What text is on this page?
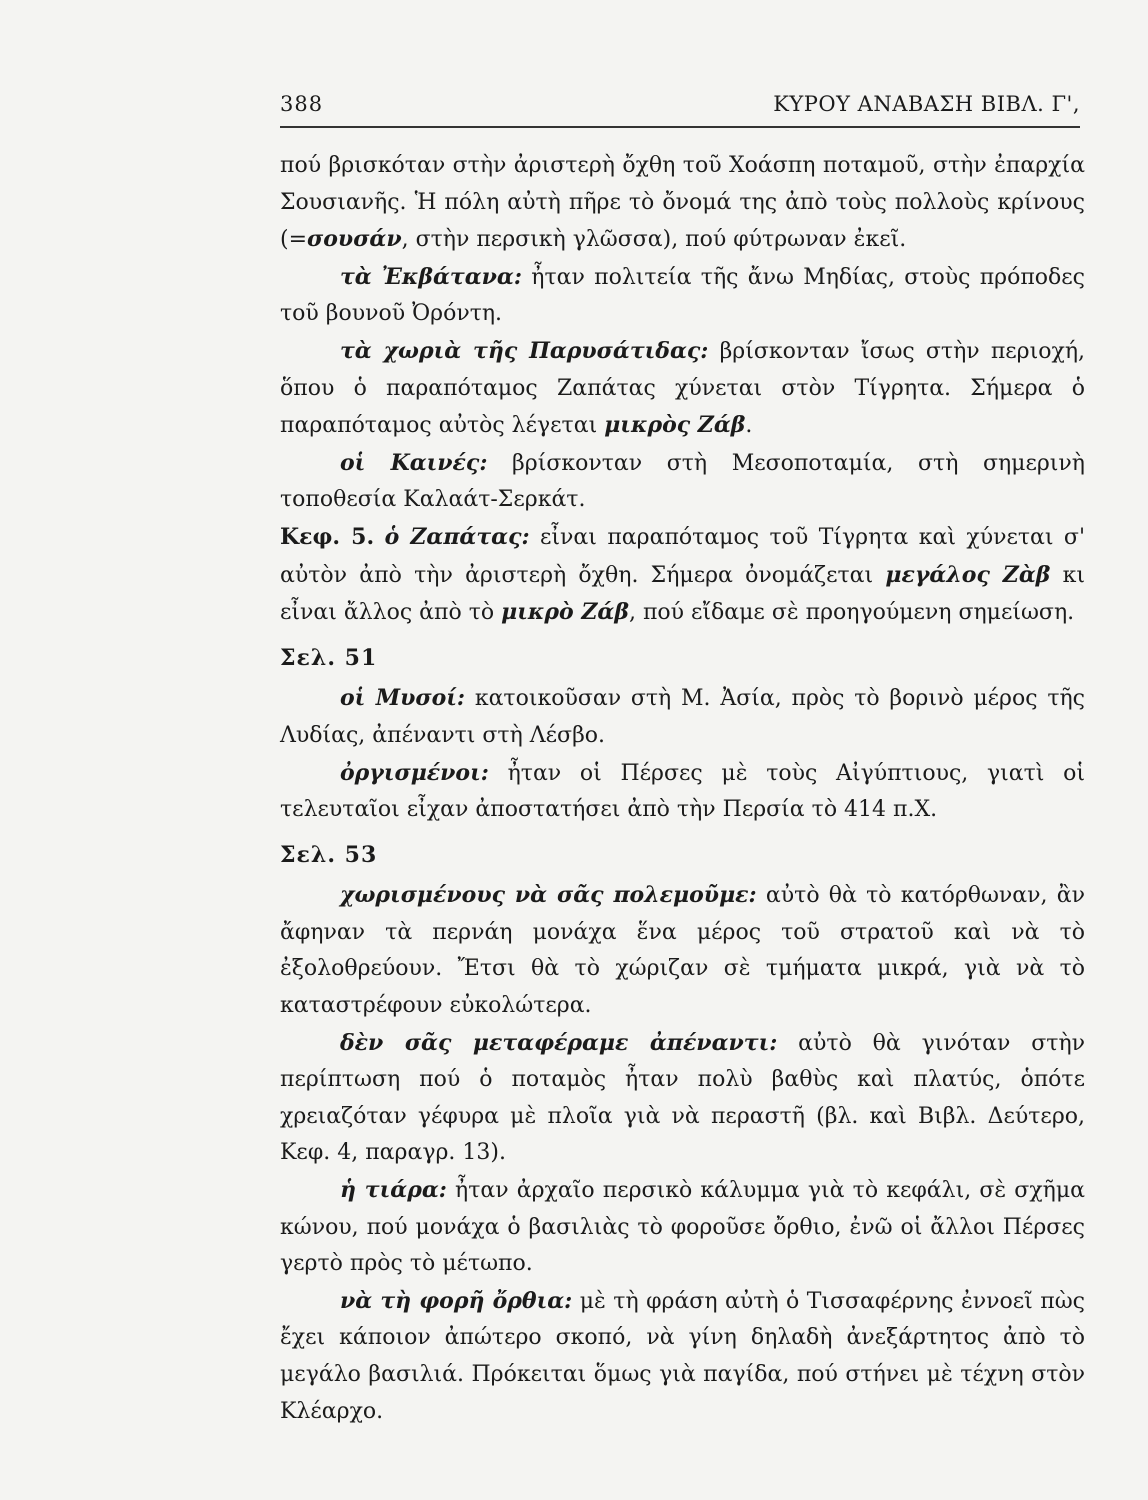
388	ΚΥΡΟΥ ΑΝΑΒΑΣΗ ΒΙΒΛ. Γ',

πού βρισκόταν στὴν ἀριστερὴ ὄχθη τοῦ Χοάσπη ποταμοῦ, στὴν ἐπαρχία Σουσιανῆς. Ἡ πόλη αὐτὴ πῆρε τὸ ὄνομά της ἀπὸ τοὺς πολλοὺς κρίνους (=σουσάν, στὴν περσικὴ γλῶσσα), πού φύτρωναν ἐκεῖ.

τὰ Ἐκβάτανα: ἦταν πολιτεία τῆς ἄνω Μηδίας, στοὺς πρόποδες τοῦ βουνοῦ Ὀρόντη.

τὰ χωριὰ τῆς Παρυσάτιδας: βρίσκονταν ἴσως στὴν περιοχή, ὅπου ὁ παραπόταμος Ζαπάτας χύνεται στὸν Τίγρητα. Σήμερα ὁ παραπόταμος αὐτὸς λέγεται μικρὸς Ζάβ.

οἱ Καινές: βρίσκονταν στὴ Μεσοποταμία, στὴ σημερινὴ τοποθεσία Καλαάτ-Σερκάτ.

Κεφ. 5. ὁ Ζαπάτας: εἶναι παραπόταμος τοῦ Τίγρητα καὶ χύνεται σ' αὐτὸν ἀπὸ τὴν ἀριστερὴ ὄχθη. Σήμερα ὀνομάζεται μεγάλος Ζὰβ κι εἶναι ἄλλος ἀπὸ τὸ μικρὸ Ζάβ, πού εἴδαμε σὲ προηγούμενη σημείωση.

Σελ. 51

οἱ Μυσοί: κατοικοῦσαν στὴ Μ. Ἀσία, πρὸς τὸ βορινὸ μέρος τῆς Λυδίας, ἀπέναντι στὴ Λέσβο.

ὀργισμένοι: ἦταν οἱ Πέρσες μὲ τοὺς Αἰγύπτιους, γιατὶ οἱ τελευταῖοι εἶχαν ἀποστατήσει ἀπὸ τὴν Περσία τὸ 414 π.Χ.

Σελ. 53

χωρισμένους νὰ σᾶς πολεμοῦμε: αὐτὸ θὰ τὸ κατόρθωναν, ἂν ἄφηναν τὰ περνάη μονάχα ἕνα μέρος τοῦ στρατοῦ καὶ νὰ τὸ ἐξολοθρεύουν. Ἔτσι θὰ τὸ χώριζαν σὲ τμήματα μικρά, γιὰ νὰ τὸ καταστρέφουν εὐκολώτερα.

δὲν σᾶς μεταφέραμε ἀπέναντι: αὐτὸ θὰ γινόταν στὴν περίπτωση πού ὁ ποταμὸς ἦταν πολὺ βαθὺς καὶ πλατύς, ὁπότε χρειαζόταν γέφυρα μὲ πλοῖα γιὰ νὰ περαστῆ (βλ. καὶ Βιβλ. Δεύτερο, Κεφ. 4, παραγρ. 13).

ἡ τιάρα: ἦταν ἀρχαῖο περσικὸ κάλυμμα γιὰ τὸ κεφάλι, σὲ σχῆμα κώνου, πού μονάχα ὁ βασιλιὰς τὸ φοροῦσε ὄρθιο, ἐνῶ οἱ ἄλλοι Πέρσες γερτὸ πρὸς τὸ μέτωπο.

νὰ τὴ φορῆ ὄρθια: μὲ τὴ φράση αὐτὴ ὁ Τισσαφέρνης ἐννοεῖ πὼς ἔχει κάποιον ἀπώτερο σκοπό, νὰ γίνη δηλαδὴ ἀνεξάρτητος ἀπὸ τὸ μεγάλο βασιλιά. Πρόκειται ὅμως γιὰ παγίδα, πού στήνει μὲ τέχνη στὸν Κλέαρχο.
